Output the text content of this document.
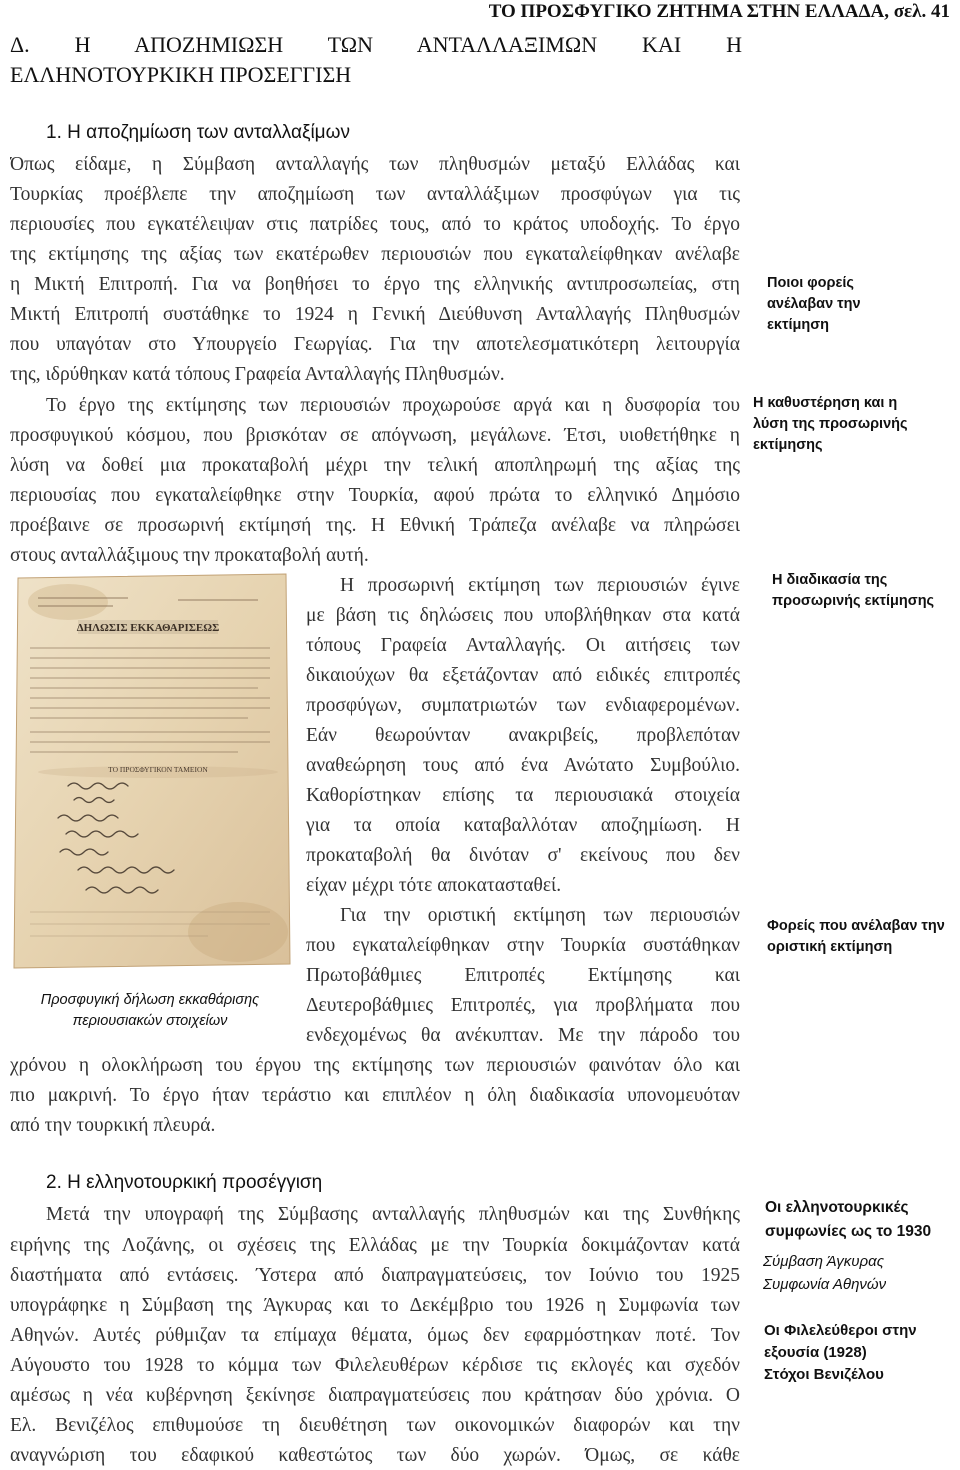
ΤΟ ΠΡΟΣΦΥΓΙΚΟ ΖΗΤΗΜΑ ΣΤΗΝ ΕΛΛΑΔΑ, σελ. 41
Δ. Η ΑΠΟΖΗΜΙΩΣΗ ΤΩΝ ΑΝΤΑΛΛΑΞΙΜΩΝ ΚΑΙ Η
ΕΛΛΗΝΟΤΟΥΡΚΙΚΗ ΠΡΟΣΕΓΓΙΣΗ
1. Η αποζημίωση των ανταλλαξίμων
Όπως είδαμε, η Σύμβαση ανταλλαγής των πληθυσμών μεταξύ Ελλάδας και
Τουρκίας προέβλεπε την αποζημίωση των ανταλλάξιμων προσφύγων για τις
περιουσίες που εγκατέλειψαν στις πατρίδες τους, από το κράτος υποδοχής. Το έργο
της εκτίμησης της αξίας των εκατέρωθεν περιουσιών που εγκαταλείφθηκαν ανέλαβε
η Μικτή Επιτροπή. Για να βοηθήσει το έργο της ελληνικής αντιπροσωπείας, στη
Μικτή Επιτροπή συστάθηκε το 1924 η Γενική Διεύθυνση Ανταλλαγής Πληθυσμών
που υπαγόταν στο Υπουργείο Γεωργίας. Για την αποτελεσματικότερη λειτουργία
της, ιδρύθηκαν κατά τόπους Γραφεία Ανταλλαγής Πληθυσμών.
Το έργο της εκτίμησης των περιουσιών προχωρούσε αργά και η δυσφορία του
προσφυγικού κόσμου, που βρισκόταν σε απόγνωση, μεγάλωνε. Έτσι, υιοθετήθηκε η
λύση να δοθεί μια προκαταβολή μέχρι την τελική αποπληρωμή της αξίας της
περιουσίας που εγκαταλείφθηκε στην Τουρκία, αφού πρώτα το ελληνικό Δημόσιο
προέβαινε σε προσωρινή εκτίμησή της. Η Εθνική Τράπεζα ανέλαβε να πληρώσει
στους ανταλλάξιμους την προκαταβολή αυτή.
Ποιοι φορείς
ανέλαβαν την
εκτίμηση
Η καθυστέρηση και η
λύση της προσωρινής
εκτίμησης
Η διαδικασία της
προσωρινής εκτίμησης
Φορείς που ανέλαβαν την
οριστική εκτίμηση
Οι ελληνοτουρκικές
συμφωνίες ως το 1930
Σύμβαση Άγκυρας
Συμφωνία Αθηνών
Οι Φιλελεύθεροι στην
εξουσία (1928)
Στόχοι Βενιζέλου
ΔΗΛΩΣΙΣ ΕΚΚΑΘΑΡΙΣΕΩΣ
ΤΟ ΠΡΟΣΦΥΓΙΚΟΝ ΤΑΜΕΙΟΝ
Προσφυγική δήλωση εκκαθάρισης
περιουσιακών στοιχείων
Η προσωρινή εκτίμηση των περιουσιών έγινε
με βάση τις δηλώσεις που υποβλήθηκαν στα κατά
τόπους Γραφεία Ανταλλαγής. Οι αιτήσεις των
δικαιούχων θα εξετάζονταν από ειδικές επιτροπές
προσφύγων, συμπατριωτών των ενδιαφερομένων.
Εάν θεωρούνταν ανακριβείς, προβλεπόταν
αναθεώρηση τους από ένα Ανώτατο Συμβούλιο.
Καθορίστηκαν επίσης τα περιουσιακά στοιχεία
για τα οποία καταβαλλόταν αποζημίωση. Η
προκαταβολή θα δινόταν σ' εκείνους που δεν
είχαν μέχρι τότε αποκατασταθεί.
Για την οριστική εκτίμηση των περιουσιών
που εγκαταλείφθηκαν στην Τουρκία συστάθηκαν
Πρωτοβάθμιες Επιτροπές Εκτίμησης και
Δευτεροβάθμιες Επιτροπές, για προβλήματα που
ενδεχομένως θα ανέκυπταν. Με την πάροδο του
χρόνου η ολοκλήρωση του έργου της εκτίμησης των περιουσιών φαινόταν όλο και
πιο μακρινή. Το έργο ήταν τεράστιο και επιπλέον η όλη διαδικασία υπονομευόταν
από την τουρκική πλευρά.
2. Η ελληνοτουρκική προσέγγιση
Μετά την υπογραφή της Σύμβασης ανταλλαγής πληθυσμών και της Συνθήκης
ειρήνης της Λοζάνης, οι σχέσεις της Ελλάδας με την Τουρκία δοκιμάζονταν κατά
διαστήματα από εντάσεις. Ύστερα από διαπραγματεύσεις, τον Ιούνιο του 1925
υπογράφηκε η Σύμβαση της Άγκυρας και το Δεκέμβριο του 1926 η Συμφωνία των
Αθηνών. Αυτές ρύθμιζαν τα επίμαχα θέματα, όμως δεν εφαρμόστηκαν ποτέ. Τον
Αύγουστο του 1928 το κόμμα των Φιλελευθέρων κέρδισε τις εκλογές και σχεδόν
αμέσως η νέα κυβέρνηση ξεκίνησε διαπραγματεύσεις που κράτησαν δύο χρόνια. Ο
Ελ. Βενιζέλος επιθυμούσε τη διευθέτηση των οικονομικών διαφορών και την
αναγνώριση του εδαφικού καθεστώτος των δύο χωρών. Όμως, σε κάθε
